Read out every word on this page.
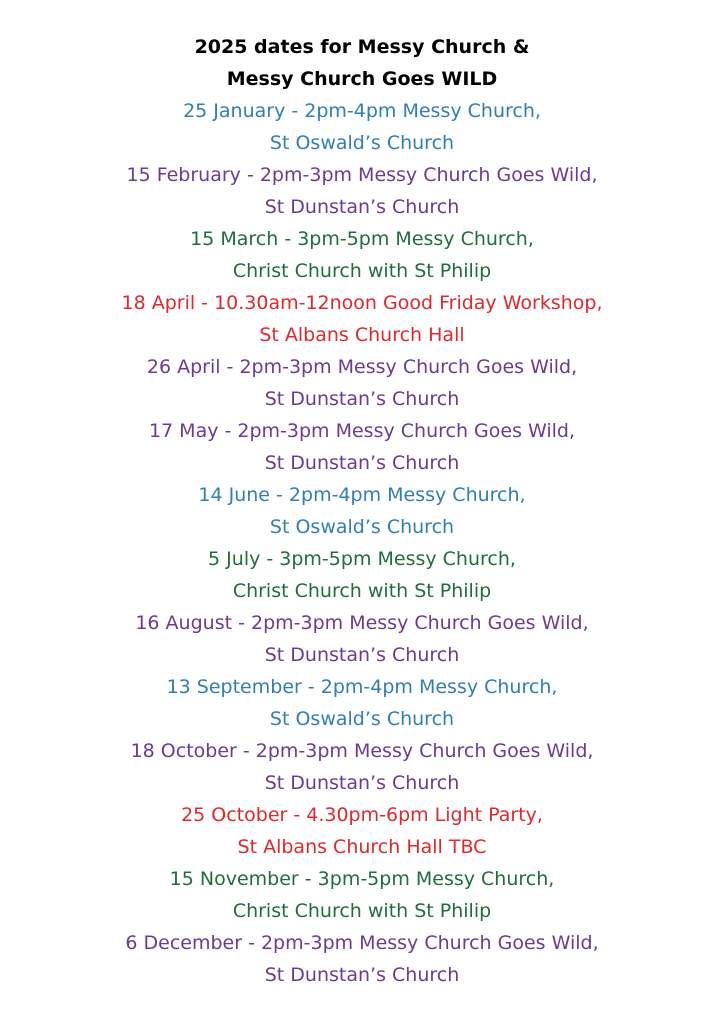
2025 dates for Messy Church &
Messy Church Goes WILD
25 January - 2pm-4pm Messy Church,
St Oswald’s Church
15 February - 2pm-3pm Messy Church Goes Wild,
St Dunstan’s Church
15 March - 3pm-5pm Messy Church,
Christ Church with St Philip
18 April - 10.30am-12noon Good Friday Workshop,
St Albans Church Hall
26 April - 2pm-3pm Messy Church Goes Wild,
St Dunstan’s Church
17 May - 2pm-3pm Messy Church Goes Wild,
St Dunstan’s Church
14 June - 2pm-4pm Messy Church,
St Oswald’s Church
5 July - 3pm-5pm Messy Church,
Christ Church with St Philip
16 August - 2pm-3pm Messy Church Goes Wild,
St Dunstan’s Church
13 September - 2pm-4pm Messy Church,
St Oswald’s Church
18 October - 2pm-3pm Messy Church Goes Wild,
St Dunstan’s Church
25 October - 4.30pm-6pm Light Party,
St Albans Church Hall TBC
15 November - 3pm-5pm Messy Church,
Christ Church with St Philip
6 December - 2pm-3pm Messy Church Goes Wild,
St Dunstan’s Church
